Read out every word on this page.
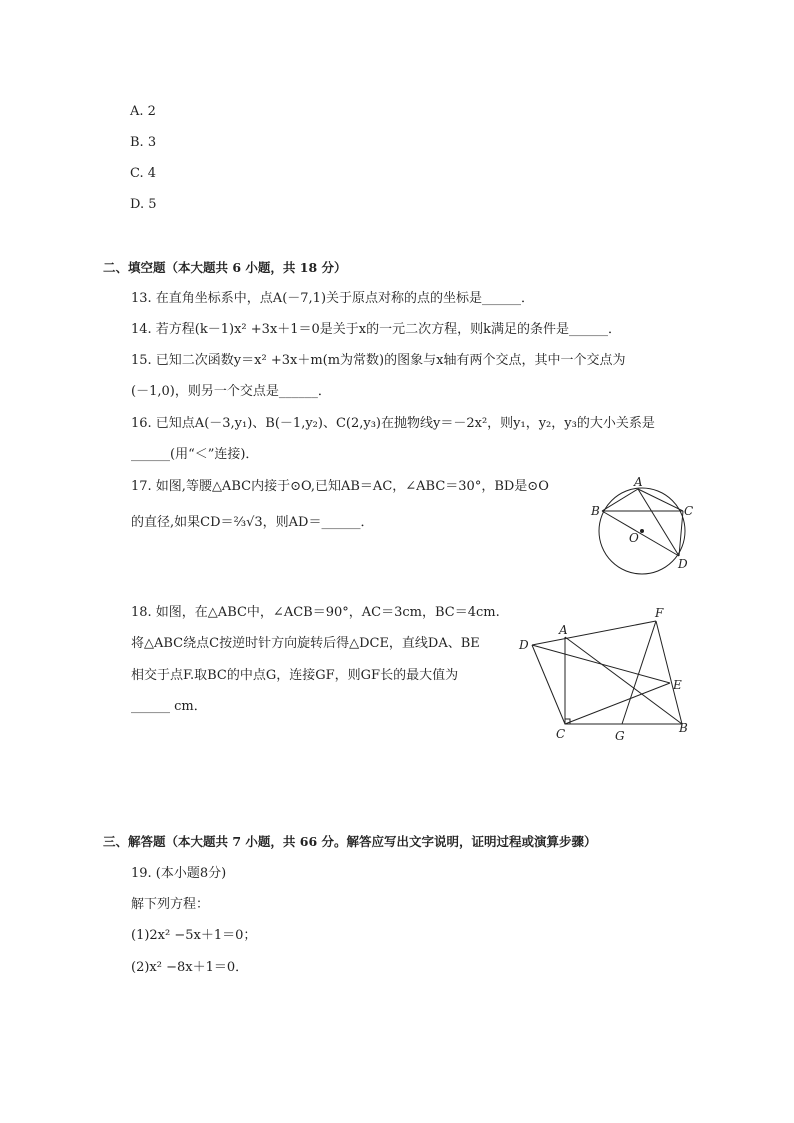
A. 2
B. 3
C. 4
D. 5
二、填空题（本大题共 6 小题，共 18 分）
13. 在直角坐标系中，点A(－7,1)关于原点对称的点的坐标是______．
14. 若方程(k－1)x² +3x＋1＝0是关于x的一元二次方程，则k满足的条件是______．
15. 已知二次函数y＝x² +3x＋m(m为常数)的图象与x轴有两个交点，其中一个交点为
(－1,0)，则另一个交点是______．
16. 已知点A(－3,y₁)、B(－1,y₂)、C(2,y₃)在抛物线y＝－2x²，则y₁，y₂，y₃的大小关系是
______(用“＜”连接)．
17. 如图,等腰△ABC内接于⊙O,已知AB＝AC，∠ABC＝30°，BD是⊙O
的直径,如果CD＝⅔√3，则AD＝______．
18. 如图，在△ABC中，∠ACB＝90°，AC＝3cm，BC＝4cm.
将△ABC绕点C按逆时针方向旋转后得△DCE，直线DA、BE
相交于点F.取BC的中点G，连接GF，则GF长的最大值为
______ cm．
三、解答题（本大题共 7 小题，共 66 分。解答应写出文字说明，证明过程或演算步骤）
19. (本小题8分)
解下列方程：
(1)2x² −5x＋1＝0；
(2)x² −8x＋1＝0．
A
B	C
O
D
A
F
D
E
C	G
B
